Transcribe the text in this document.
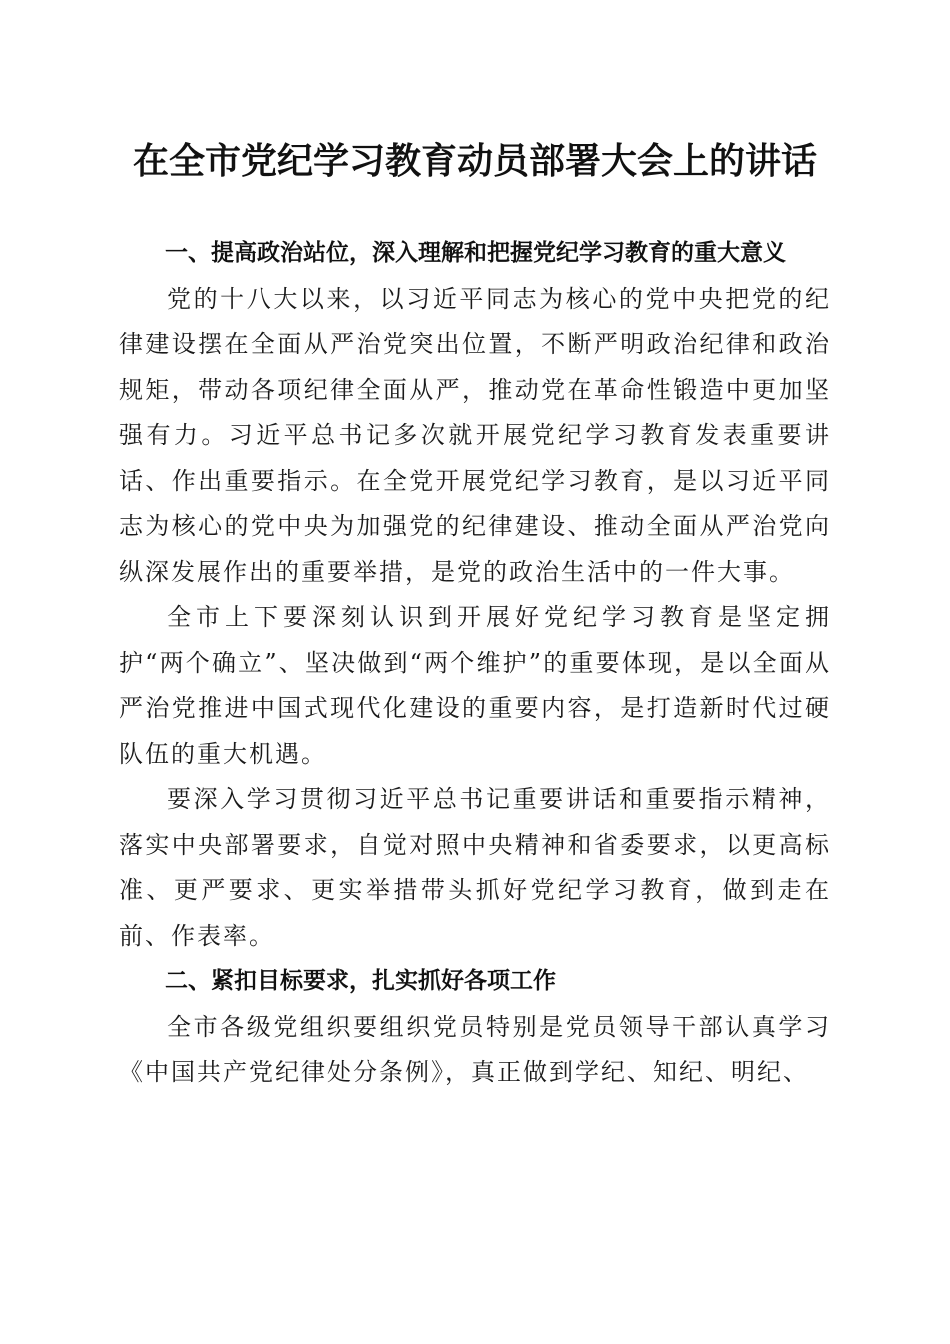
在全市党纪学习教育动员部署大会上的讲话

一、提高政治站位，深入理解和把握党纪学习教育的重大意义

党的十八大以来，以习近平同志为核心的党中央把党的纪律建设摆在全面从严治党突出位置，不断严明政治纪律和政治规矩，带动各项纪律全面从严，推动党在革命性锻造中更加坚强有力。习近平总书记多次就开展党纪学习教育发表重要讲话、作出重要指示。在全党开展党纪学习教育，是以习近平同志为核心的党中央为加强党的纪律建设、推动全面从严治党向纵深发展作出的重要举措，是党的政治生活中的一件大事。

全市上下要深刻认识到开展好党纪学习教育是坚定拥护“两个确立”、坚决做到“两个维护”的重要体现，是以全面从严治党推进中国式现代化建设的重要内容，是打造新时代过硬队伍的重大机遇。

要深入学习贯彻习近平总书记重要讲话和重要指示精神，落实中央部署要求，自觉对照中央精神和省委要求，以更高标准、更严要求、更实举措带头抓好党纪学习教育，做到走在前、作表率。

二、紧扣目标要求，扎实抓好各项工作

全市各级党组织要组织党员特别是党员领导干部认真学习《中国共产党纪律处分条例》，真正做到学纪、知纪、明纪、
